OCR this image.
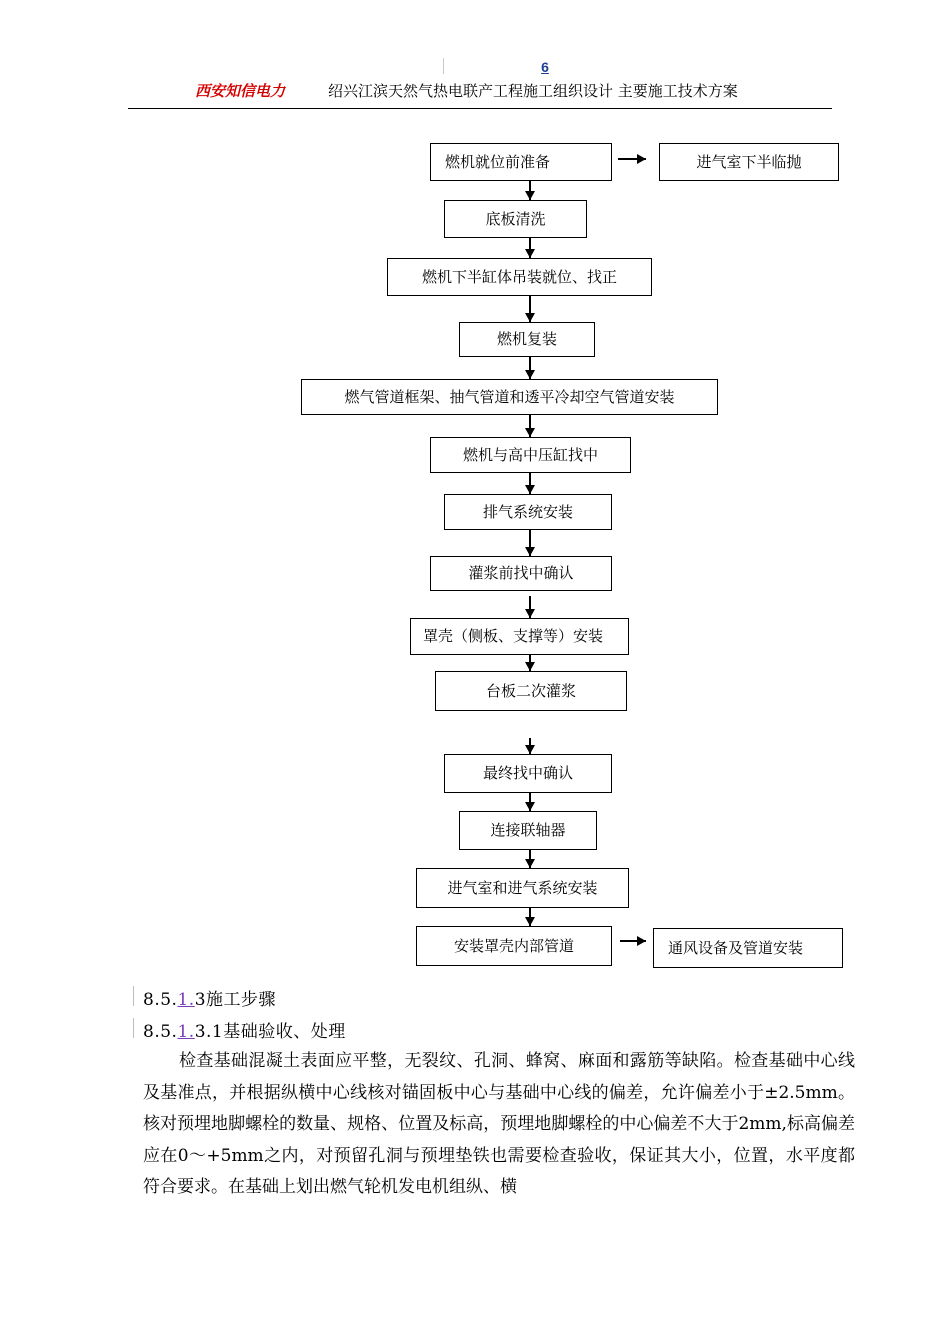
6
西安知信电力	绍兴江滨天然气热电联产工程施工组织设计 主要施工技术方案
燃机就位前准备	进气室下半临抛
底板清洗
燃机下半缸体吊装就位、找正
燃机复装
燃气管道框架、抽气管道和透平冷却空气管道安装
燃机与高中压缸找中
排气系统安装
灌浆前找中确认
罩壳（侧板、支撑等）安装
台板二次灌浆
最终找中确认
连接联轴器
进气室和进气系统安装
安装罩壳内部管道	通风设备及管道安装
8.5.1.3施工步骤
8.5.1.3.1基础验收、处理
检查基础混凝土表面应平整，无裂纹、孔洞、蜂窝、麻面和露筋等缺陷。检查基础中心线及基准点，并根据纵横中心线核对锚固板中心与基础中心线的偏差，允许偏差小于±2.5mm。核对预埋地脚螺栓的数量、规格、位置及标高，预埋地脚螺栓的中心偏差不大于2mm,标高偏差应在0～+5mm之内，对预留孔洞与预埋垫铁也需要检查验收，保证其大小，位置，水平度都符合要求。在基础上划出燃气轮机发电机组纵、横
